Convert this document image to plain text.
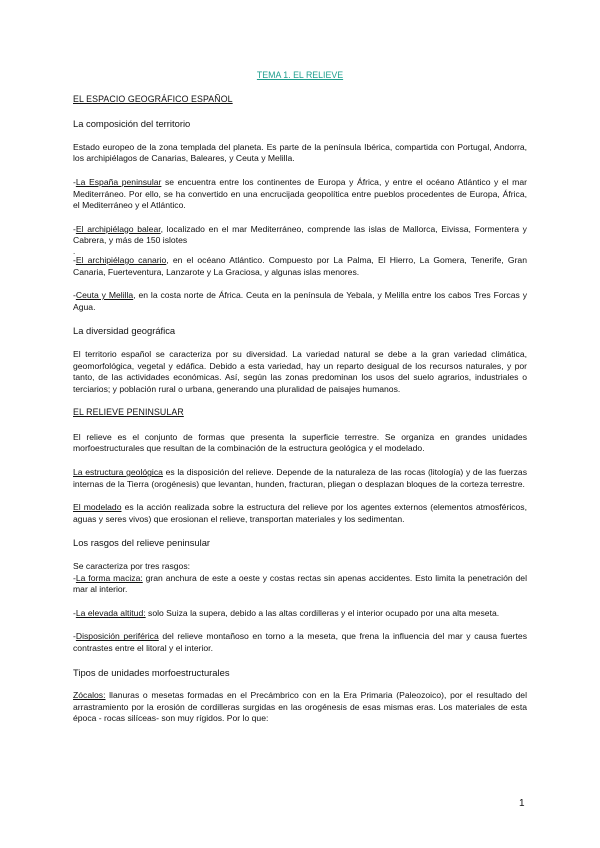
TEMA 1. EL RELIEVE
EL ESPACIO GEOGRÁFICO ESPAÑOL
La composición del territorio

Estado europeo de la zona templada del planeta. Es parte de la península Ibérica, compartida con Portugal, Andorra, los archipiélagos de Canarias, Baleares, y Ceuta y Melilla.

-La España peninsular se encuentra entre los continentes de Europa y África, y entre el océano Atlántico y el mar Mediterráneo. Por ello, se ha convertido en una encrucijada geopolítica entre pueblos procedentes de Europa, África, el Mediterráneo y el Atlántico.

-El archipiélago balear, localizado en el mar Mediterráneo, comprende las islas de Mallorca, Eivissa, Formentera y Cabrera, y más de 150 islotes

.

-El archipiélago canario, en el océano Atlántico. Compuesto por La Palma, El Hierro, La Gomera, Tenerife, Gran Canaria, Fuerteventura, Lanzarote y La Graciosa, y algunas islas menores.

-Ceuta y Melilla, en la costa norte de África. Ceuta en la península de Yebala, y Melilla entre los cabos Tres Forcas y Agua.

La diversidad geográfica

El territorio español se caracteriza por su diversidad. La variedad natural se debe a la gran variedad climática, geomorfológica, vegetal y edáfica. Debido a esta variedad, hay un reparto desigual de los recursos naturales, y por tanto, de las actividades económicas. Así, según las zonas predominan los usos del suelo agrarios, industriales o terciarios; y población rural o urbana, generando una pluralidad de paisajes humanos.

EL RELIEVE PENINSULAR

El relieve es el conjunto de formas que presenta la superficie terrestre. Se organiza en grandes unidades morfoestructurales que resultan de la combinación de la estructura geológica y el modelado.

La estructura geológica es la disposición del relieve. Depende de la naturaleza de las rocas (litología) y de las fuerzas internas de la Tierra (orogénesis) que levantan, hunden, fracturan, pliegan o desplazan bloques de la corteza terrestre.

El modelado es la acción realizada sobre la estructura del relieve por los agentes externos (elementos atmosféricos, aguas y seres vivos) que erosionan el relieve, transportan materiales y los sedimentan.

Los rasgos del relieve peninsular

Se caracteriza por tres rasgos:
-La forma maciza: gran anchura de este a oeste y costas rectas sin apenas accidentes. Esto limita la penetración del mar al interior.

-La elevada altitud: solo Suiza la supera, debido a las altas cordilleras y el interior ocupado por una alta meseta.

-Disposición periférica del relieve montañoso en torno a la meseta, que frena la influencia del mar y causa fuertes contrastes entre el litoral y el interior.

Tipos de unidades morfoestructurales

Zócalos: llanuras o mesetas formadas en el Precámbrico con en la Era Primaria (Paleozoico), por el resultado del arrastramiento por la erosión de cordilleras surgidas en las orogénesis de esas mismas eras. Los materiales de esta época - rocas silíceas- son muy rígidos. Por lo que:

1
